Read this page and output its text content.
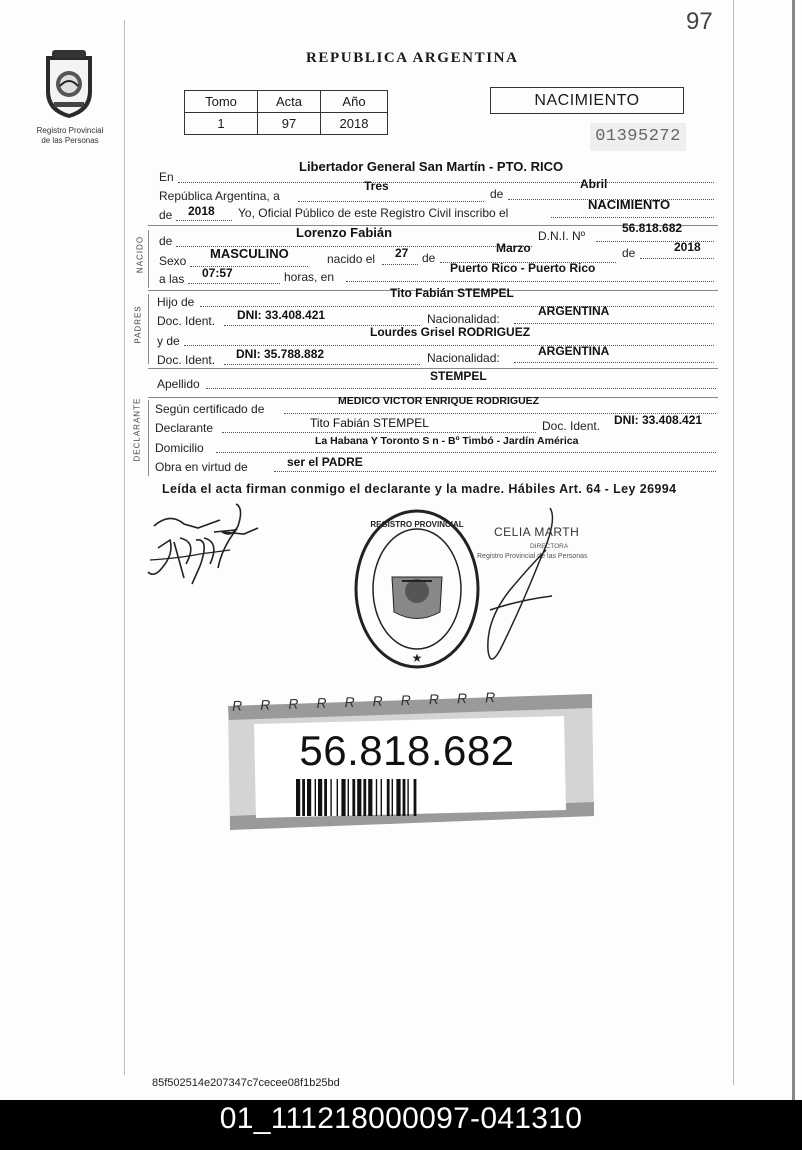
97
Registro Provincial
de las Personas
REPUBLICA ARGENTINA
Tomo	Acta	Año
1	97	2018
NACIMIENTO
01395272
En
Libertador General San Martín - PTO. RICO
República Argentina, a
Tres
de
Abril
de 2018 Yo, Oficial Público de este Registro Civil inscribo el
NACIMIENTO
NACIDO de
Lorenzo Fabián	D.N.I. Nº
56.818.682
Sexo MASCULINO	nacido el 27 de
Marzo	de	2018
a las 07:57	horas, en
Puerto Rico - Puerto Rico
PADRES
Hijo de
Tito Fabián STEMPEL
Doc. Ident. DNI: 33.408.421	Nacionalidad:
ARGENTINA
y de
Lourdes Grisel RODRIGUEZ
Doc. Ident. DNI: 35.788.882	Nacionalidad:	ARGENTINA
Apellido
STEMPEL
DECLARANTE Según certificado de
MEDICO VICTOR ENRIQUE RODRIGUEZ
Declarante	Tito Fabián STEMPEL	Doc. Ident. DNI: 33.408.421
Domicilio	La Habana Y Toronto S n - Bº Timbó - Jardín América
Obra en virtud de	ser el PADRE
Leída el acta firman conmigo el declarante y la madre. Hábiles Art. 64 - Ley 26994
★
REGISTRO PROVINCIAL
CELIA MARTH
DIRECTORA
Registro Provincial de las Personas
RRRRRRRRRR
56.818.682
85f502514e207347c7cecee08f1b25bd
01_111218000097-041310
